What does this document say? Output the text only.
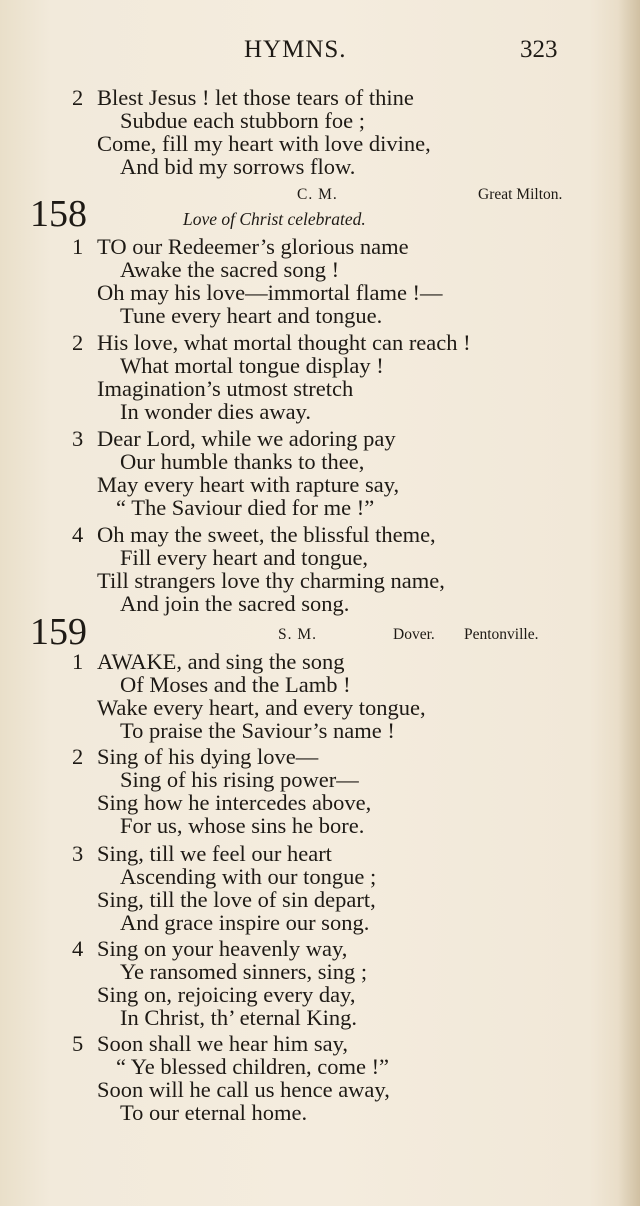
HYMNS.	323
2 Blest Jesus ! let those tears of thine
Subdue each stubborn foe ;
Come, fill my heart with love divine,
And bid my sorrows flow.
158	C. M.	Great Milton.
Love of Christ celebrated.
1 TO our Redeemer’s glorious name
Awake the sacred song !
Oh may his love—immortal flame !—
Tune every heart and tongue.
2 His love, what mortal thought can reach !
What mortal tongue display !
Imagination’s utmost stretch
In wonder dies away.
3 Dear Lord, while we adoring pay
Our humble thanks to thee,
May every heart with rapture say,
“ The Saviour died for me !”
4 Oh may the sweet, the blissful theme,
Fill every heart and tongue,
Till strangers love thy charming name,
And join the sacred song.
159	S. M.	Dover. Pentonville.
1 AWAKE, and sing the song
Of Moses and the Lamb !
Wake every heart, and every tongue,
To praise the Saviour’s name !
2 Sing of his dying love—
Sing of his rising power—
Sing how he intercedes above,
For us, whose sins he bore.
3 Sing, till we feel our heart
Ascending with our tongue ;
Sing, till the love of sin depart,
And grace inspire our song.
4 Sing on your heavenly way,
Ye ransomed sinners, sing ;
Sing on, rejoicing every day,
In Christ, th’ eternal King.
5 Soon shall we hear him say,
“ Ye blessed children, come !”
Soon will he call us hence away,
To our eternal home.
